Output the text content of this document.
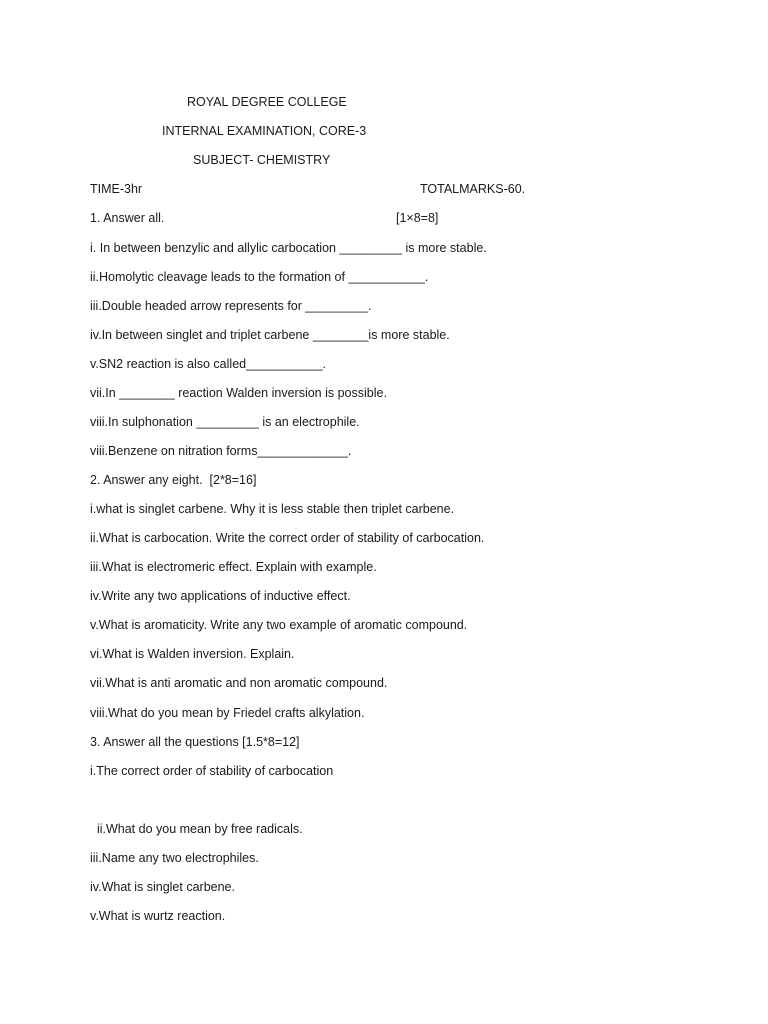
ROYAL DEGREE COLLEGE
INTERNAL EXAMINATION, CORE-3
SUBJECT- CHEMISTRY
TIME-3hr	TOTALMARKS-60.
1. Answer all.	[1×8=8]
i. In between benzylic and allylic carbocation _________ is more stable.
ii.Homolytic cleavage leads to the formation of ___________.
iii.Double headed arrow represents for _________.
iv.In between singlet and triplet carbene ________is more stable.
v.SN2 reaction is also called___________.
vii.In ________ reaction Walden inversion is possible.
viii.In sulphonation _________ is an electrophile.
viii.Benzene on nitration forms_____________.
2. Answer any eight.  [2*8=16]
i.what is singlet carbene. Why it is less stable then triplet carbene.
ii.What is carbocation. Write the correct order of stability of carbocation.
iii.What is electromeric effect. Explain with example.
iv.Write any two applications of inductive effect.
v.What is aromaticity. Write any two example of aromatic compound.
vi.What is Walden inversion. Explain.
vii.What is anti aromatic and non aromatic compound.
viii.What do you mean by Friedel crafts alkylation.
3. Answer all the questions [1.5*8=12]
i.The correct order of stability of carbocation
ii.What do you mean by free radicals.
iii.Name any two electrophiles.
iv.What is singlet carbene.
v.What is wurtz reaction.
